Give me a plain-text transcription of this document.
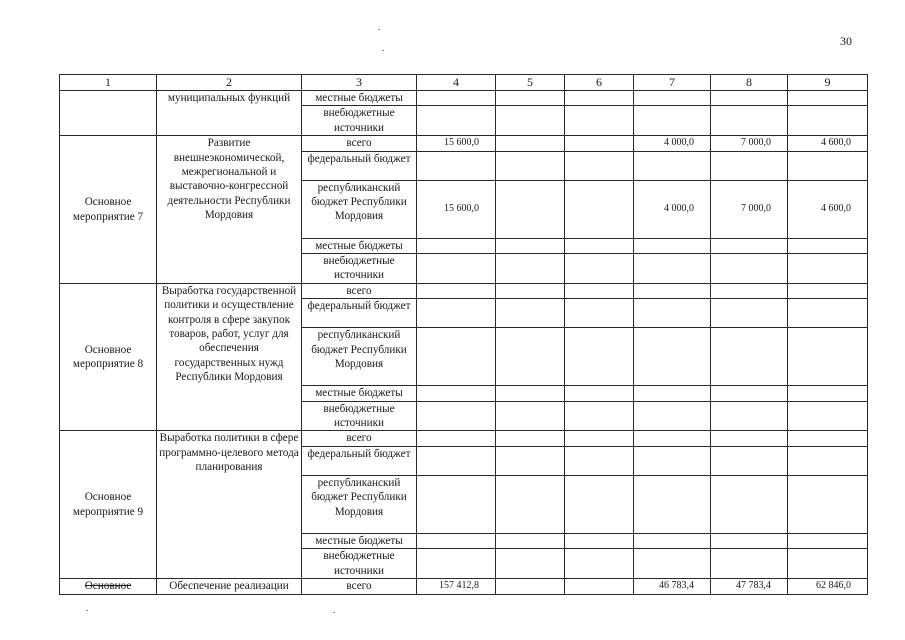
30
1	2	3	4	5	6	7	8	9
	муниципальных функций	местные бюджеты						
		внебюджетные источники						
Основное мероприятие 7	Развитие внешнеэкономической, межрегиональной и выставочно-конгрессной деятельности Республики Мордовия	всего	15 600,0			4 000,0	7 000,0	4 600,0
		федеральный бюджет						
		республиканский бюджет Республики Мордовия	15 600,0			4 000,0	7 000,0	4 600,0
		местные бюджеты						
		внебюджетные источники						
Основное мероприятие 8	Выработка государственной политики и осуществление контроля в сфере закупок товаров, работ, услуг для обеспечения государственных нужд Республики Мордовия	всего						
		федеральный бюджет						
		республиканский бюджет Республики Мордовия						
		местные бюджеты						
		внебюджетные источники						
Основное мероприятие 9	Выработка политики в сфере программно-целевого метода планирования	всего						
		федеральный бюджет						
		республиканский бюджет Республики Мордовия						
		местные бюджеты						
		внебюджетные источники						

Основное	Обеспечение реализации	всего	157 412,8			46 783,4	47 783,4	62 846,0
